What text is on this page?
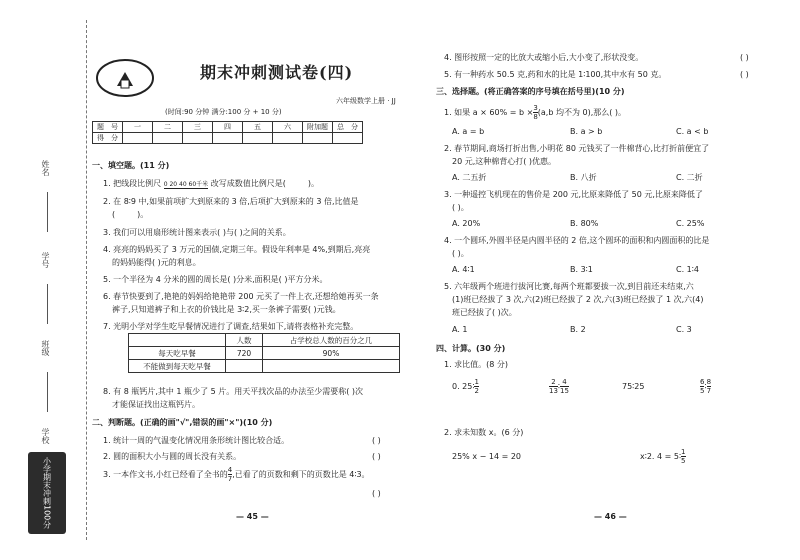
姓名
学号
班级
学校
小学期末冲刺100分
期末冲刺测试卷(四)
六年级数学上册 · JJ
(时间:90 分钟 满分:100 分 + 10 分)
题　号	一	二	三	四	五	六	附加题	总　分
得　分								
一、填空题。(11 分)
1. 把线段比例尺 0 20 40 60千米 改写成数值比例尺是(	)。
2. 在 8∶9 中,如果前项扩大到原来的 3 倍,后项扩大到原来的 3 倍,比值是
(	)。
3. 我们可以用扇形统计图来表示( )与( )之间的关系。
4. 亮亮的妈妈买了 3 万元的国债,定期三年。假设年利率是 4%,到期后,亮亮
的妈妈能得( )元的利息。
5. 一个半径为 4 分米的圆的周长是( )分米,面积是( )平方分米。
6. 春节快要到了,艳艳的妈妈给艳艳带 200 元买了一件上衣,还想给她再买一条
裤子,只知道裤子和上衣的价钱比是 3∶2,买一条裤子需要( )元钱。
7. 光明小学对学生吃早餐情况进行了调查,结果如下,请将表格补充完整。
	人数	占学校总人数的百分之几
每天吃早餐	720	90%
不能做到每天吃早餐		
8. 有 8 瓶钙片,其中 1 瓶少了 5 片。用天平找次品的办法至少需要称( )次
才能保证找出这瓶钙片。
二、判断题。(正确的画"√",错误的画"×")(10 分)
1. 统计一周的气温变化情况用条形统计图比较合适。	( )
2. 圆的面积大小与圆的周长没有关系。	( )
3. 一本作文书,小红已经看了全书的 $\frac{4}{7}$ ,已看了的页数和剩下的页数比是 4∶3。
( )
— 45 —
4. 图形按照一定的比放大或缩小后,大小变了,形状没变。	( )
5. 有一种药水 50.5 克,药和水的比是 1∶100,其中水有 50 克。	( )
三、选择题。(将正确答案的序号填在括号里)(10 分)
1. 如果 $a \times 60\% = b \times \frac{3}{8} (a,b$ 均不为 0),那么( )。
A. a = b	B. a > b	C. a < b
2. 春节期间,商场打折出售,小明花 80 元钱买了一件棉背心,比打折前便宜了
20 元,这种棉背心打( )优惠。
A. 二五折	B. 八折	C. 二折
3. 一种遥控飞机现在的售价是 200 元,比原来降低了 50 元,比原来降低了
( )。
A. 20%	B. 80%	C. 25%
4. 一个圆环,外圆半径是内圆半径的 2 倍,这个圆环的面积和内圆面积的比是
( )。
A. 4∶1	B. 3∶1	C. 1∶4
5. 六年级两个班进行拔河比赛,每两个班都要拔一次,到目前还未结束,六
(1)班已经拔了 3 次,六(2)班已经拔了 2 次,六(3)班已经拔了 1 次,六(4)
班已经拔了( )次。
A. 1	B. 2	C. 3
四、计算。(30 分)
1. 求比值。(8 分)
0. 25∶ $\frac{1}{2}$	$\frac{2}{13}$ ∶ $\frac{4}{15}$	75∶25	$\frac{6}{5}$ ∶ $\frac{8}{7}$
2. 求未知数 x。(6 分)
25% x − 14 = 20	x∶2. 4 = 5∶ $\frac{1}{5}$
— 46 —
